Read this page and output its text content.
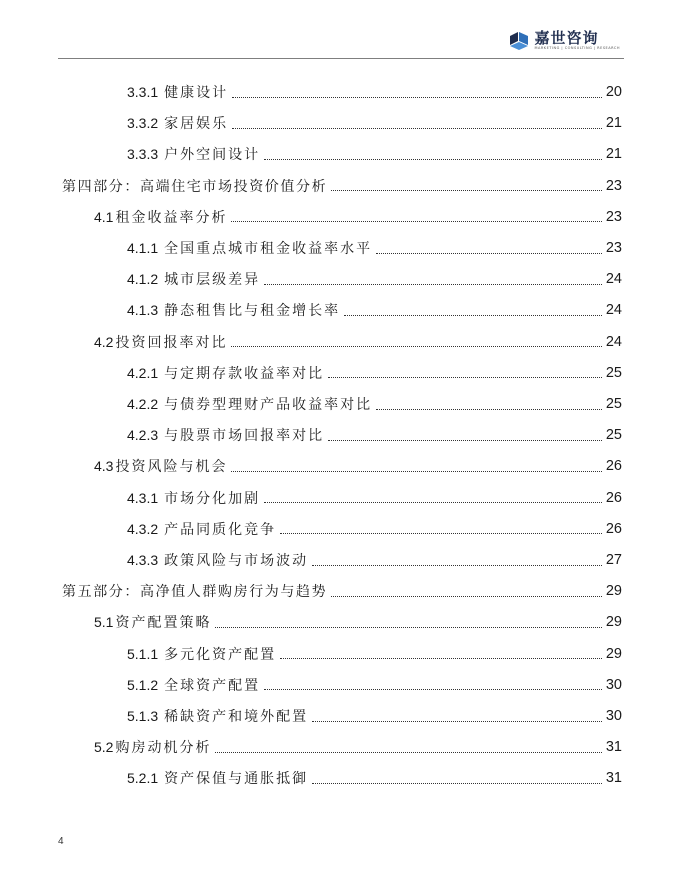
嘉世咨询
MARKETING | CONSULTING | RESEARCH
3.3.1 健康设计	20
3.3.2 家居娱乐	21
3.3.3 户外空间设计	21
第四部分：高端住宅市场投资价值分析	23
4.1 租金收益率分析	23
4.1.1 全国重点城市租金收益率水平	23
4.1.2 城市层级差异	24
4.1.3 静态租售比与租金增长率	24
4.2 投资回报率对比	24
4.2.1 与定期存款收益率对比	25
4.2.2 与债券型理财产品收益率对比	25
4.2.3 与股票市场回报率对比	25
4.3 投资风险与机会	26
4.3.1 市场分化加剧	26
4.3.2 产品同质化竞争	26
4.3.3 政策风险与市场波动	27
第五部分：高净值人群购房行为与趋势	29
5.1 资产配置策略	29
5.1.1 多元化资产配置	29
5.1.2 全球资产配置	30
5.1.3 稀缺资产和境外配置	30
5.2 购房动机分析	31
5.2.1 资产保值与通胀抵御	31
4
